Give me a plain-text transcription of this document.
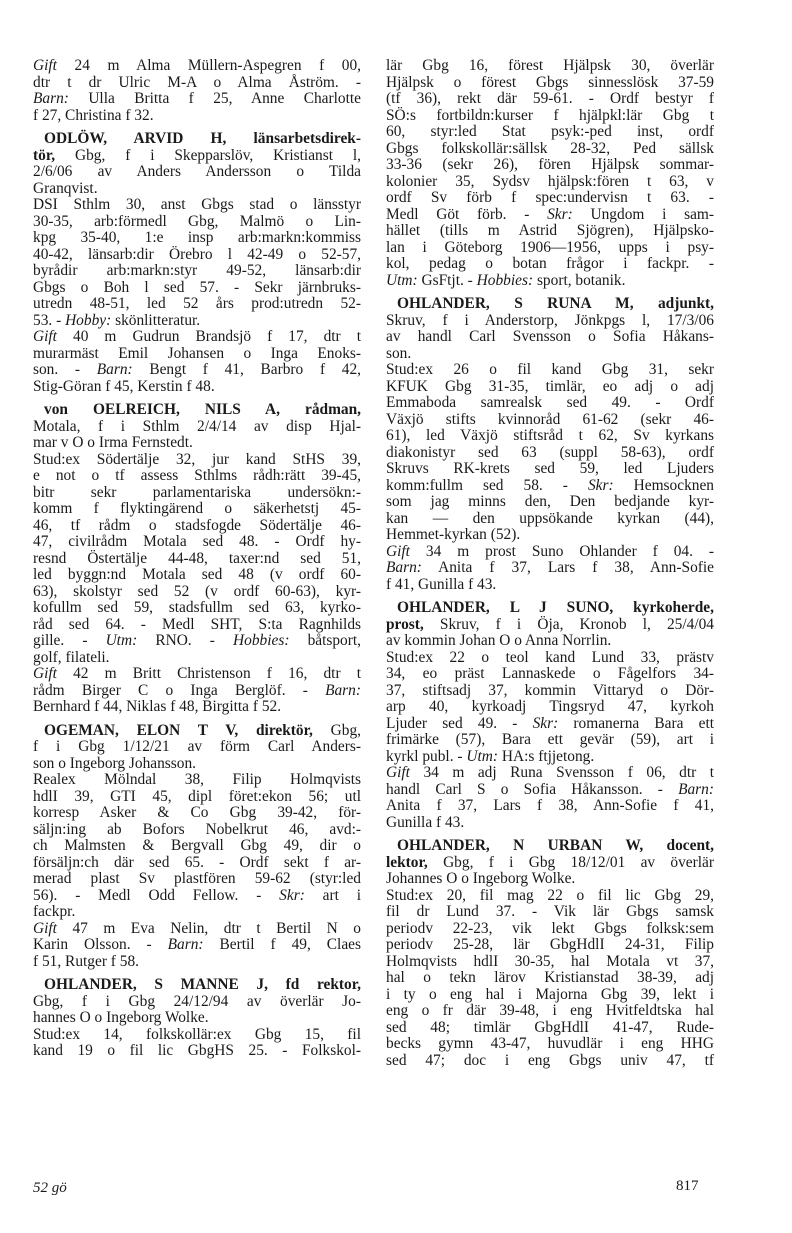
Gift 24 m Alma Müllern-Aspegren f 00,
dtr t dr Ulric M-A o Alma Åström. -
Barn: Ulla Britta f 25, Anne Charlotte
f 27, Christina f 32.
ODLÖW, ARVID H, länsarbetsdirek-
tör, Gbg, f i Skepparslöv, Kristianst l,
2/6/06 av Anders Andersson o Tilda
Granqvist.
DSI Sthlm 30, anst Gbgs stad o länsstyr
30-35, arb:förmedl Gbg, Malmö o Lin-
kpg 35-40, 1:e insp arb:markn:kommiss
40-42, länsarb:dir Örebro l 42-49 o 52-57,
byrådir arb:markn:styr 49-52, länsarb:dir
Gbgs o Boh l sed 57. - Sekr järnbruks-
utredn 48-51, led 52 års prod:utredn 52-
53. - Hobby: skönlitteratur.
Gift 40 m Gudrun Brandsjö f 17, dtr t
murarmäst Emil Johansen o Inga Enoks-
son. - Barn: Bengt f 41, Barbro f 42,
Stig-Göran f 45, Kerstin f 48.
von OELREICH, NILS A, rådman,
Motala, f i Sthlm 2/4/14 av disp Hjal-
mar v O o Irma Fernstedt.
Stud:ex Södertälje 32, jur kand StHS 39,
e not o tf assess Sthlms rådh:rätt 39-45,
bitr sekr parlamentariska undersökn:-
komm f flyktingärend o säkerhetstj 45-
46, tf rådm o stadsfogde Södertälje 46-
47, civilrådm Motala sed 48. - Ordf hy-
resnd Östertälje 44-48, taxer:nd sed 51,
led byggn:nd Motala sed 48 (v ordf 60-
63), skolstyr sed 52 (v ordf 60-63), kyr-
kofullm sed 59, stadsfullm sed 63, kyrko-
råd sed 64. - Medl SHT, S:ta Ragnhilds
gille. - Utm: RNO. - Hobbies: båtsport,
golf, filateli.
Gift 42 m Britt Christenson f 16, dtr t
rådm Birger C o Inga Berglöf. - Barn:
Bernhard f 44, Niklas f 48, Birgitta f 52.
OGEMAN, ELON T V, direktör, Gbg,
f i Gbg 1/12/21 av förm Carl Anders-
son o Ingeborg Johansson.
Realex Mölndal 38, Filip Holmqvists
hdlI 39, GTI 45, dipl föret:ekon 56; utl
korresp Asker & Co Gbg 39-42, för-
säljn:ing ab Bofors Nobelkrut 46, avd:-
ch Malmsten & Bergvall Gbg 49, dir o
försäljn:ch där sed 65. - Ordf sekt f ar-
merad plast Sv plastfören 59-62 (styr:led
56). - Medl Odd Fellow. - Skr: art i
fackpr.
Gift 47 m Eva Nelin, dtr t Bertil N o
Karin Olsson. - Barn: Bertil f 49, Claes
f 51, Rutger f 58.
OHLANDER, S MANNE J, fd rektor,
Gbg, f i Gbg 24/12/94 av överlär Jo-
hannes O o Ingeborg Wolke.
Stud:ex 14, folkskollär:ex Gbg 15, fil
kand 19 o fil lic GbgHS 25. - Folkskol-
lär Gbg 16, förest Hjälpsk 30, överlär
Hjälpsk o förest Gbgs sinnesslösk 37-59
(tf 36), rekt där 59-61. - Ordf bestyr f
SÖ:s fortbildn:kurser f hjälpkl:lär Gbg t
60, styr:led Stat psyk:-ped inst, ordf
Gbgs folkskollär:sällsk 28-32, Ped sällsk
33-36 (sekr 26), fören Hjälpsk sommar-
kolonier 35, Sydsv hjälpsk:fören t 63, v
ordf Sv förb f spec:undervisn t 63. -
Medl Göt förb. - Skr: Ungdom i sam-
hället (tills m Astrid Sjögren), Hjälpsko-
lan i Göteborg 1906—1956, upps i psy-
kol, pedag o botan frågor i fackpr. -
Utm: GsFtjt. - Hobbies: sport, botanik.
OHLANDER, S RUNA M, adjunkt,
Skruv, f i Anderstorp, Jönkpgs l, 17/3/06
av handl Carl Svensson o Sofia Håkans-
son.
Stud:ex 26 o fil kand Gbg 31, sekr
KFUK Gbg 31-35, timlär, eo adj o adj
Emmaboda samrealsk sed 49. - Ordf
Växjö stifts kvinnoråd 61-62 (sekr 46-
61), led Växjö stiftsråd t 62, Sv kyrkans
diakonistyr sed 63 (suppl 58-63), ordf
Skruvs RK-krets sed 59, led Ljuders
komm:fullm sed 58. - Skr: Hemsocknen
som jag minns den, Den bedjande kyr-
kan — den uppsökande kyrkan (44),
Hemmet-kyrkan (52).
Gift 34 m prost Suno Ohlander f 04. -
Barn: Anita f 37, Lars f 38, Ann-Sofie
f 41, Gunilla f 43.
OHLANDER, L J SUNO, kyrkoherde,
prost, Skruv, f i Öja, Kronob l, 25/4/04
av kommin Johan O o Anna Norrlin.
Stud:ex 22 o teol kand Lund 33, prästv
34, eo präst Lannaskede o Fågelfors 34-
37, stiftsadj 37, kommin Vittaryd o Dör-
arp 40, kyrkoadj Tingsryd 47, kyrkoh
Ljuder sed 49. - Skr: romanerna Bara ett
frimärke (57), Bara ett gevär (59), art i
kyrkl publ. - Utm: HA:s ftjjetong.
Gift 34 m adj Runa Svensson f 06, dtr t
handl Carl S o Sofia Håkansson. - Barn:
Anita f 37, Lars f 38, Ann-Sofie f 41,
Gunilla f 43.
OHLANDER, N URBAN W, docent,
lektor, Gbg, f i Gbg 18/12/01 av överlär
Johannes O o Ingeborg Wolke.
Stud:ex 20, fil mag 22 o fil lic Gbg 29,
fil dr Lund 37. - Vik lär Gbgs samsk
periodv 22-23, vik lekt Gbgs folksk:sem
periodv 25-28, lär GbgHdlI 24-31, Filip
Holmqvists hdlI 30-35, hal Motala vt 37,
hal o tekn lärov Kristianstad 38-39, adj
i ty o eng hal i Majorna Gbg 39, lekt i
eng o fr där 39-48, i eng Hvitfeldtska hal
sed 48; timlär GbgHdlI 41-47, Rude-
becks gymn 43-47, huvudlär i eng HHG
sed 47; doc i eng Gbgs univ 47, tf
52 gö	817
